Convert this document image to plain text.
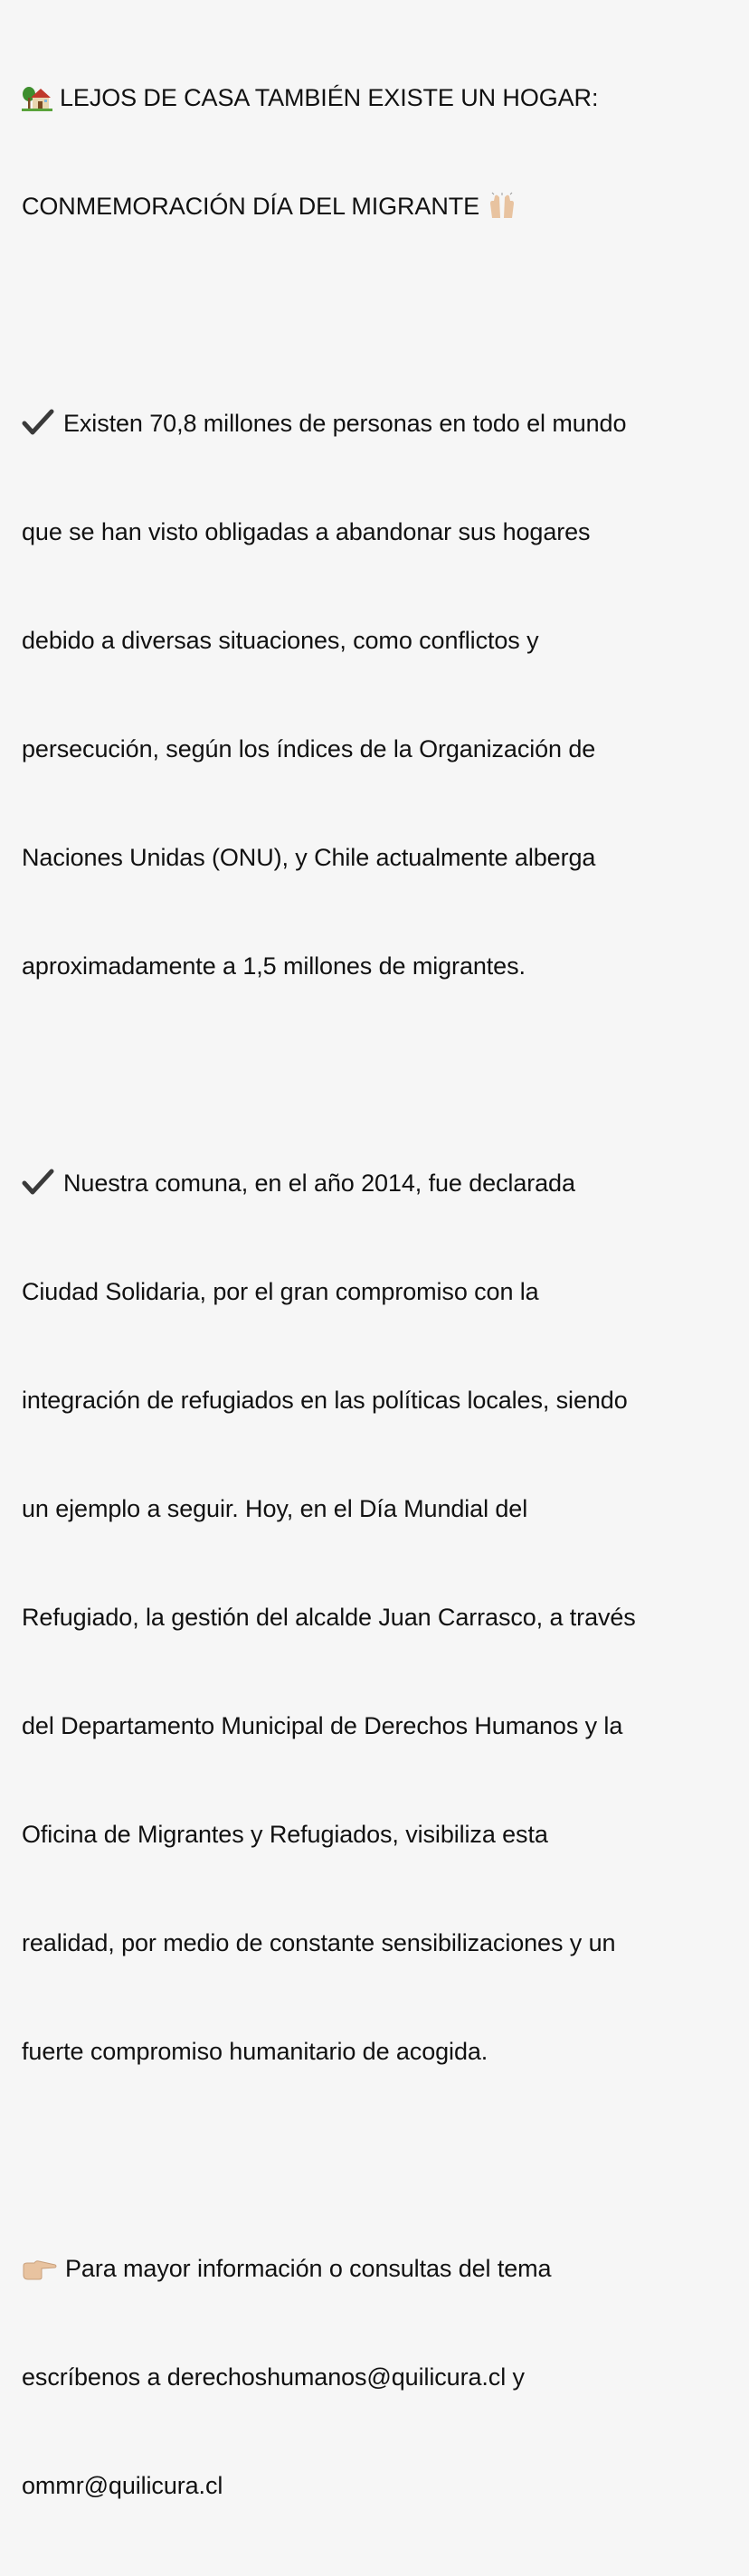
LEJOS DE CASA TAMBIÉN EXISTE UN HOGAR:

CONMEMORACIÓN DÍA DEL MIGRANTE

Existen 70,8 millones de personas en todo el mundo

que se han visto obligadas a abandonar sus hogares

debido a diversas situaciones, como conflictos y

persecución, según los índices de la Organización de

Naciones Unidas (ONU), y Chile actualmente alberga

aproximadamente a 1,5 millones de migrantes.

Nuestra comuna, en el año 2014, fue declarada

Ciudad Solidaria, por el gran compromiso con la

integración de refugiados en las políticas locales, siendo

un ejemplo a seguir. Hoy, en el Día Mundial del

Refugiado, la gestión del alcalde Juan Carrasco, a través

del Departamento Municipal de Derechos Humanos y la

Oficina de Migrantes y Refugiados, visibiliza esta

realidad, por medio de constante sensibilizaciones y un

fuerte compromiso humanitario de acogida.

Para mayor información o consultas del tema

escríbenos a derechoshumanos@quilicura.cl y

ommr@quilicura.cl
